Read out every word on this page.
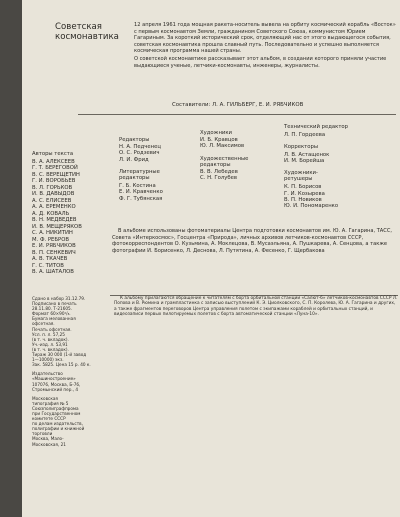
Советская
космонавтика

12 апреля 1961 года мощная ракета-носитель вывела на орбиту космический корабль «Восток» с первым космонавтом Земли, гражданином Советского Союза, коммунистом Юрием Гагариным. За короткий исторический срок, отделяющий нас от этого выдающегося события, советская космонавтика прошла славный путь. Последовательно и успешно выполняется космическая программа нашей страны.

О советской космонавтике рассказывает этот альбом, в создании которого приняли участие выдающиеся ученые, летчики-космонавты, инженеры, журналисты.

Составители: Л. А. ГИЛЬБЕРГ, Е. И. РЯБЧИКОВ
Авторы текста
В. А. АЛЕКСЕЕВ
Г. Т. БЕРЕГОВОЙ
В. С. ВЕРЕЩЕТИН
Г. И. ВОРОБЬЕВ
В. Л. ГОРЬКОВ
И. В. ДАВЫДОВ
А. С. ЕЛИСЕЕВ
А. А. ЕРЕМЕНКО
А. Д. КОВАЛЬ
В. Н. МЕДВЕДЕВ
И. В. МЕЩЕРЯКОВ
С. А. НИКИТИН
М. Ф. РЕБРОВ
Е. И. РЯБЧИКОВ
В. П. СЕНКЕВИЧ
А. В. ТКАЧЕВ
Г. С. ТИТОВ
В. А. ШАТАЛОВ
Редакторы
Н. А. Педченец
О. С. Родзевич
Л. И. Фрид
Литературные редакторы
Г. Б. Костина
Е. И. Кравченко
Ф. Г. Тубянская
Художники
И. Б. Кравцов
Ю. Л. Максимов
Художественные редакторы
В. В. Лебедев
С. Н. Голубев
Технический редактор
Л. П. Гордеева
Корректоры
Л. В. Астащенок
И. М. Борейша
Художники-ретушеры
К. П. Борисов
Г. И. Козырева
В. П. Новиков
Ю. И. Пономаренко

В альбоме использованы фотоматериалы Центра подготовки космонавтов им. Ю. А. Гагарина, ТАСС, Совета «Интеркосмос», Госцентра «Природа», личных архивов летчиков-космонавтов СССР, фотокорреспондентов О. Кузьмина, А. Моклецова, В. Мусаэльяна, А. Пушкарева, А. Сенцова, а также фотографии И. Борисенко, Л. Деснова, Л. Путятина, А. Фесенко, Г. Щербакова

Сдано в набор 31.12.79.
Подписано в печать
28.11.80. Т-21605.
Формат 60×90¹/₈.
Бумага мелованная
офсетная.
Печать офсетная.
Усл. п. л. 57,25
(в т. ч. вкладок).
Уч.-изд. л. 53,91
(в т. ч. вкладок).
Тираж 30 000 (1-й завод
1—10000) экз.
Зак. 5825. Цена 15 р. 40 к.
Издательство
«Машиностроение»
107076, Москва, Б-76,
Стромынский пер., 4
Московская
типография № 5
Союзполиграфпрома
при Государственном
комитете СССР
по делам издательств,
полиграфии и книжной
торговли
Москва, Мало-
Московская, 21

К альбому прилагаются обращение к читателям с борта орбитальной станции «Салют-6» летчиков-космонавтов СССР Л. Попова и В. Рюмина и грампластинка с записью выступлений К. Э. Циолковского, С. П. Королева, Ю. А. Гагарина и других, а также фрагментов переговоров Центра управления полетом с экипажами кораблей и орбитальных станций, и видеозаписи первых пилотируемых полетов с борта автоматической станции «Луна-10».
